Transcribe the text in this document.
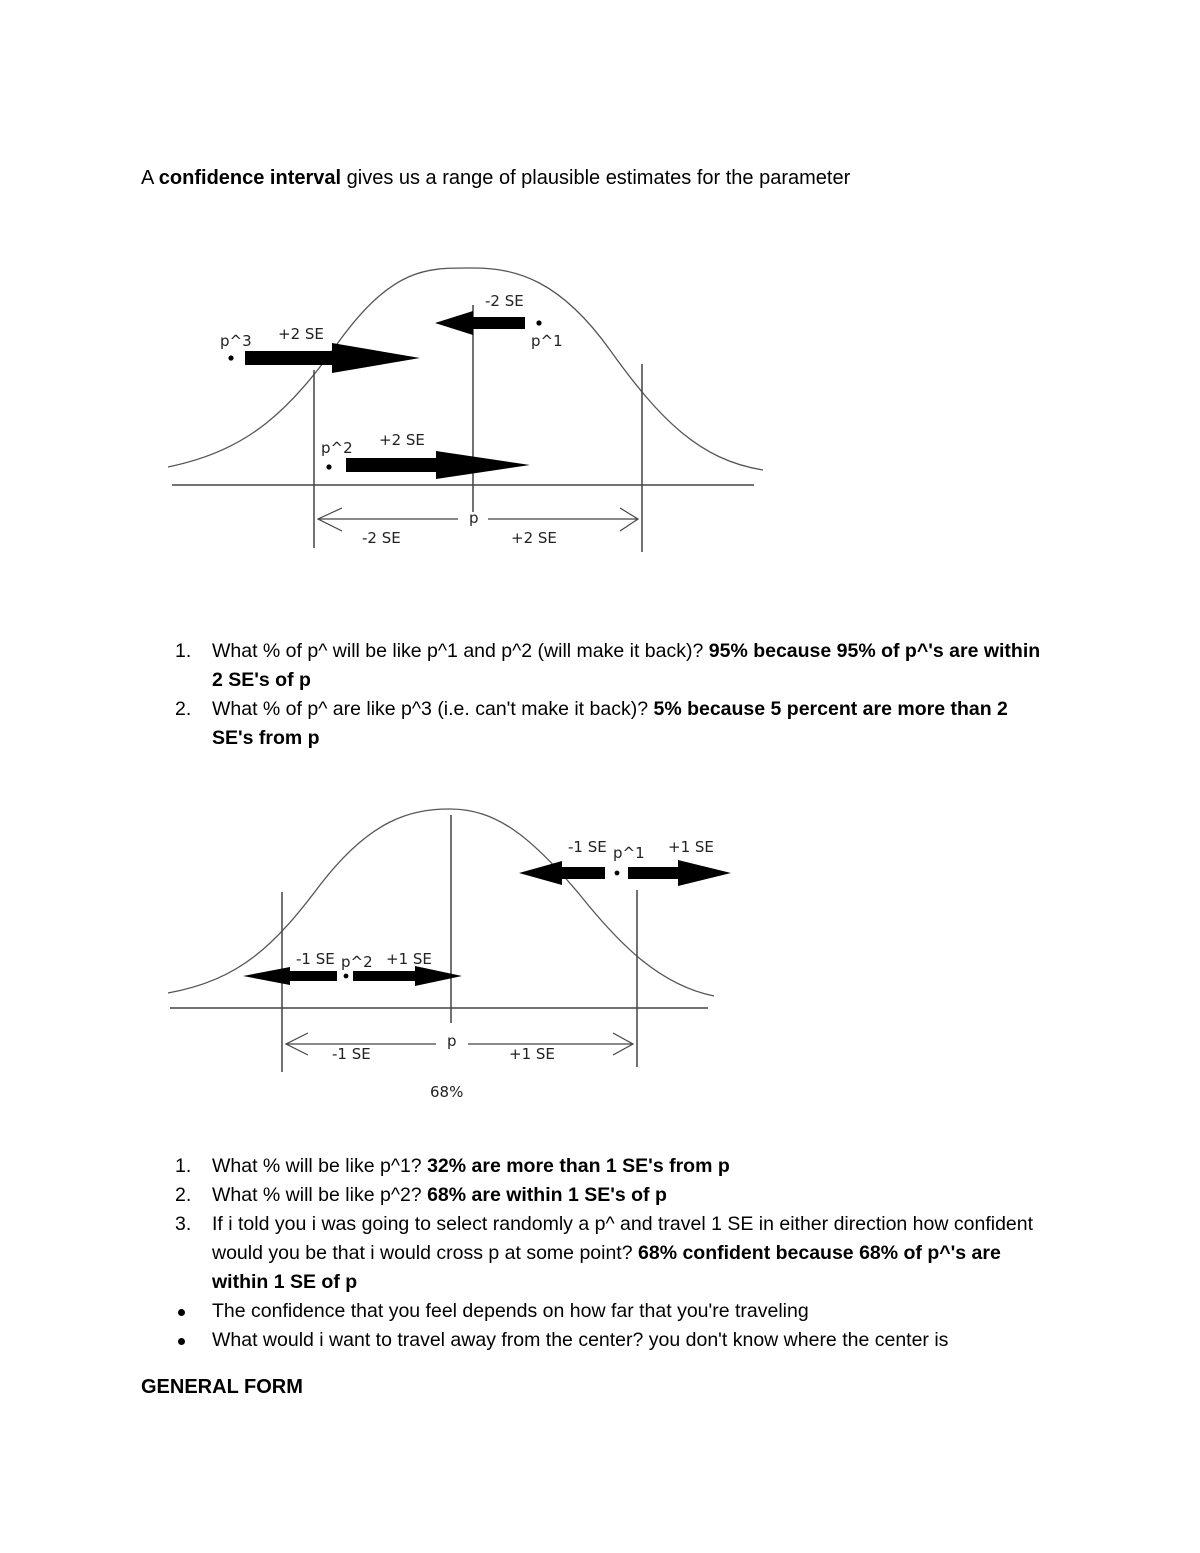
A confidence interval gives us a range of plausible estimates for the parameter
p^3 +2 SE
-2 SE
p^1
p^2 +2 SE
p
-2 SE	+2 SE
1. What % of p^ will be like p^1 and p^2 (will make it back)? 95% because 95% of p^'s are within 2 SE's of p
2. What % of p^ are like p^3 (i.e. can't make it back)? 5% because 5 percent are more than 2 SE's from p
-1 SE p^1 +1 SE
-1 SE p^2 +1 SE
p
-1 SE	+1 SE
68%
1. What % will be like p^1? 32% are more than 1 SE's from p
2. What % will be like p^2? 68% are within 1 SE's of p
3. If i told you i was going to select randomly a p^ and travel 1 SE in either direction how confident would you be that i would cross p at some point? 68% confident because 68% of p^'s are within 1 SE of p
The confidence that you feel depends on how far that you're traveling
What would i want to travel away from the center? you don't know where the center is
GENERAL FORM
